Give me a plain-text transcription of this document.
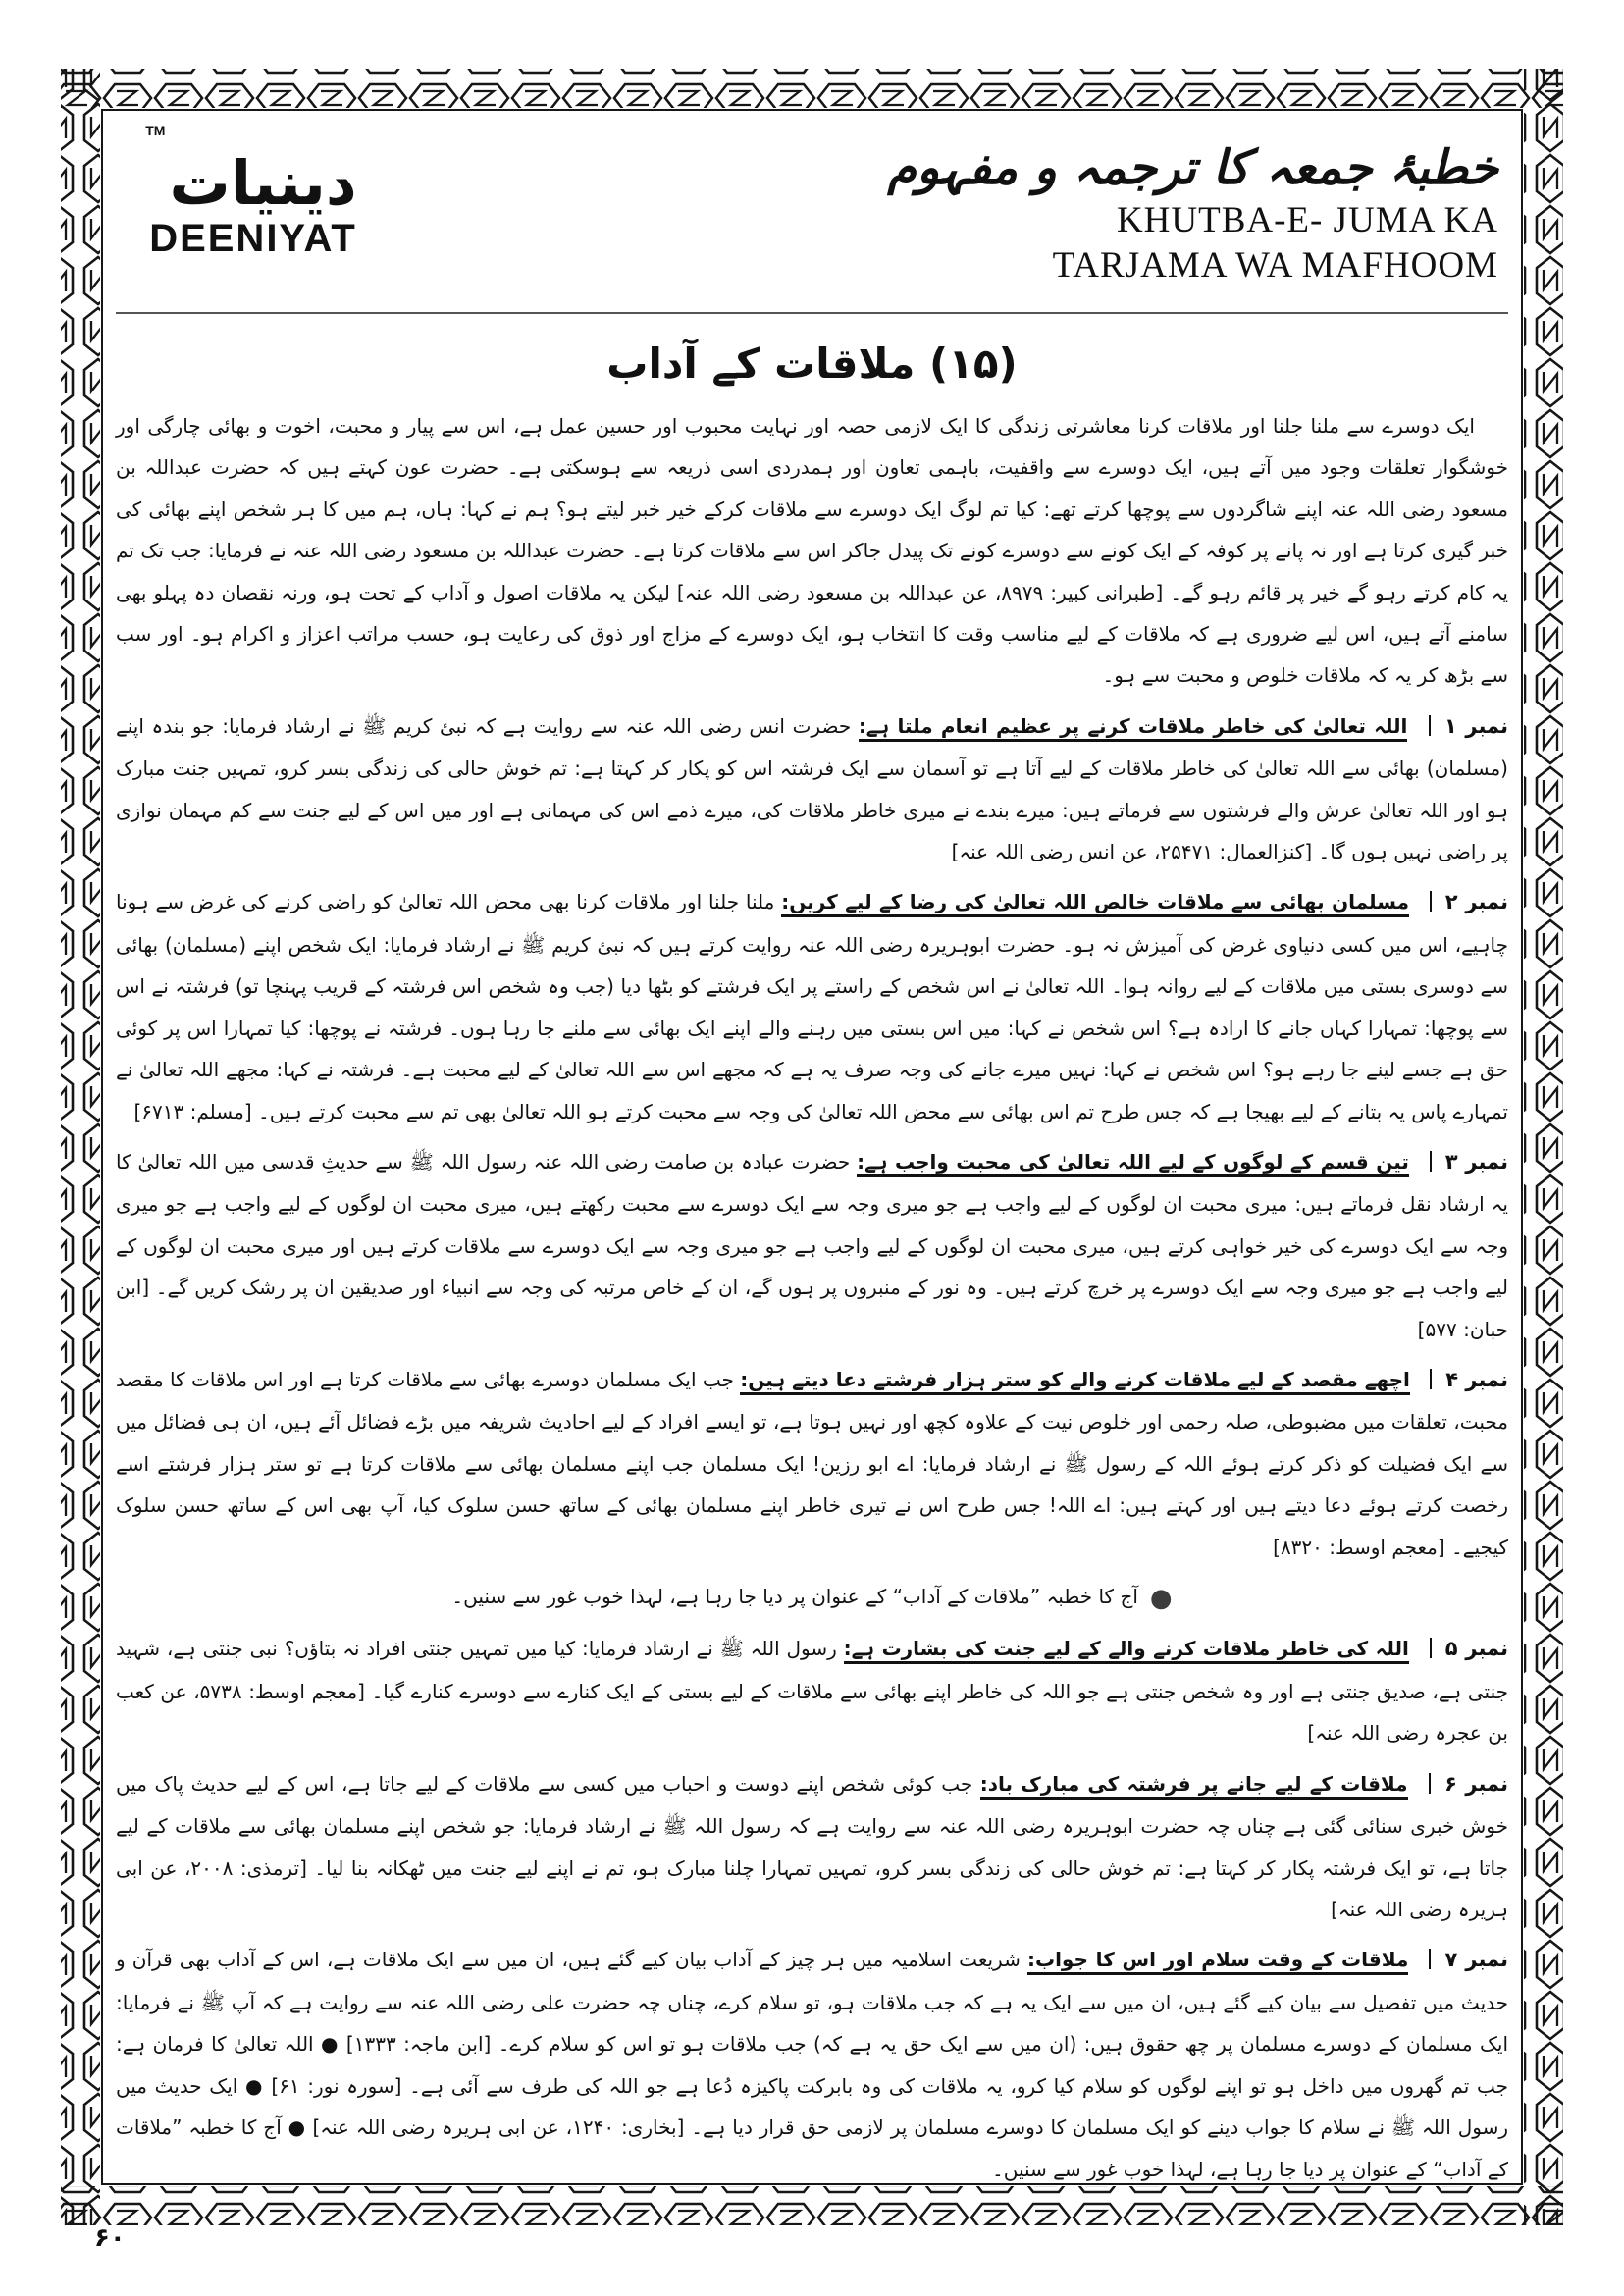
دینیات™
DEENIYAT
خطبۂ جمعہ کا ترجمہ و مفہوم
KHUTBA-E- JUMA KA
TARJAMA WA MAFHOOM
(۱۵) ملاقات کے آداب

ایک دوسرے سے ملنا جلنا اور ملاقات کرنا معاشرتی زندگی کا ایک لازمی حصہ اور نہایت محبوب اور حسین عمل ہے، اس سے پیار و محبت، اخوت و بھائی چارگی اور خوشگوار تعلقات وجود میں آتے ہیں، ایک دوسرے سے واقفیت، باہمی تعاون اور ہمدردی اسی ذریعہ سے ہوسکتی ہے۔ حضرت عون کہتے ہیں کہ حضرت عبداللہ بن مسعود رضی اللہ عنہ اپنے شاگردوں سے پوچھا کرتے تھے: کیا تم لوگ ایک دوسرے سے ملاقات کرکے خیر خبر لیتے ہو؟ ہم نے کہا: ہاں، ہم میں کا ہر شخص اپنے بھائی کی خبر گیری کرتا ہے اور نہ پانے پر کوفہ کے ایک کونے سے دوسرے کونے تک پیدل جاکر اس سے ملاقات کرتا ہے۔ حضرت عبداللہ بن مسعود رضی اللہ عنہ نے فرمایا: جب تک تم یہ کام کرتے رہو گے خیر پر قائم رہو گے۔ [طبرانی کبیر: ۸۹۷۹، عن عبداللہ بن مسعود رضی اللہ عنہ] لیکن یہ ملاقات اصول و آداب کے تحت ہو، ورنہ نقصان دہ پہلو بھی سامنے آتے ہیں، اس لیے ضروری ہے کہ ملاقات کے لیے مناسب وقت کا انتخاب ہو، ایک دوسرے کے مزاج اور ذوق کی رعایت ہو، حسب مراتب اعزاز و اکرام ہو۔ اور سب سے بڑھ کر یہ کہ ملاقات خلوص و محبت سے ہو۔

نمبر ۱ اللہ تعالیٰ کی خاطر ملاقات کرنے پر عظیم انعام ملتا ہے: حضرت انس رضی اللہ عنہ سے روایت ہے کہ نبئ کریم ﷺ نے ارشاد فرمایا: جو بندہ اپنے (مسلمان) بھائی سے اللہ تعالیٰ کی خاطر ملاقات کے لیے آتا ہے تو آسمان سے ایک فرشتہ اس کو پکار کر کہتا ہے: تم خوش حالی کی زندگی بسر کرو، تمہیں جنت مبارک ہو اور اللہ تعالیٰ عرش والے فرشتوں سے فرماتے ہیں: میرے بندے نے میری خاطر ملاقات کی، میرے ذمے اس کی مہمانی ہے اور میں اس کے لیے جنت سے کم مہمان نوازی پر راضی نہیں ہوں گا۔ [کنزالعمال: ۲۵۴۷۱، عن انس رضی اللہ عنہ]

نمبر ۲ مسلمان بھائی سے ملاقات خالص اللہ تعالیٰ کی رضا کے لیے کریں: ملنا جلنا اور ملاقات کرنا بھی محض اللہ تعالیٰ کو راضی کرنے کی غرض سے ہونا چاہیے، اس میں کسی دنیاوی غرض کی آمیزش نہ ہو۔ حضرت ابوہریرہ رضی اللہ عنہ روایت کرتے ہیں کہ نبئ کریم ﷺ نے ارشاد فرمایا: ایک شخص اپنے (مسلمان) بھائی سے دوسری بستی میں ملاقات کے لیے روانہ ہوا۔ اللہ تعالیٰ نے اس شخص کے راستے پر ایک فرشتے کو بٹھا دیا (جب وہ شخص اس فرشتہ کے قریب پہنچا تو) فرشتہ نے اس سے پوچھا: تمہارا کہاں جانے کا ارادہ ہے؟ اس شخص نے کہا: میں اس بستی میں رہنے والے اپنے ایک بھائی سے ملنے جا رہا ہوں۔ فرشتہ نے پوچھا: کیا تمہارا اس پر کوئی حق ہے جسے لینے جا رہے ہو؟ اس شخص نے کہا: نہیں میرے جانے کی وجہ صرف یہ ہے کہ مجھے اس سے اللہ تعالیٰ کے لیے محبت ہے۔ فرشتہ نے کہا: مجھے اللہ تعالیٰ نے تمہارے پاس یہ بتانے کے لیے بھیجا ہے کہ جس طرح تم اس بھائی سے محض اللہ تعالیٰ کی وجہ سے محبت کرتے ہو اللہ تعالیٰ بھی تم سے محبت کرتے ہیں۔ [مسلم: ۶۷۱۳]

نمبر ۳ تین قسم کے لوگوں کے لیے اللہ تعالیٰ کی محبت واجب ہے: حضرت عبادہ بن صامت رضی اللہ عنہ رسول اللہ ﷺ سے حدیثِ قدسی میں اللہ تعالیٰ کا یہ ارشاد نقل فرماتے ہیں: میری محبت ان لوگوں کے لیے واجب ہے جو میری وجہ سے ایک دوسرے سے محبت رکھتے ہیں، میری محبت ان لوگوں کے لیے واجب ہے جو میری وجہ سے ایک دوسرے کی خیر خواہی کرتے ہیں، میری محبت ان لوگوں کے لیے واجب ہے جو میری وجہ سے ایک دوسرے سے ملاقات کرتے ہیں اور میری محبت ان لوگوں کے لیے واجب ہے جو میری وجہ سے ایک دوسرے پر خرچ کرتے ہیں۔ وہ نور کے منبروں پر ہوں گے، ان کے خاص مرتبہ کی وجہ سے انبیاء اور صدیقین ان پر رشک کریں گے۔ [ابن حبان: ۵۷۷]

نمبر ۴ اچھے مقصد کے لیے ملاقات کرنے والے کو ستر ہزار فرشتے دعا دیتے ہیں: جب ایک مسلمان دوسرے بھائی سے ملاقات کرتا ہے اور اس ملاقات کا مقصد محبت، تعلقات میں مضبوطی، صلہ رحمی اور خلوص نیت کے علاوہ کچھ اور نہیں ہوتا ہے، تو ایسے افراد کے لیے احادیث شریفہ میں بڑے فضائل آئے ہیں، ان ہی فضائل میں سے ایک فضیلت کو ذکر کرتے ہوئے اللہ کے رسول ﷺ نے ارشاد فرمایا: اے ابو رزین! ایک مسلمان جب اپنے مسلمان بھائی سے ملاقات کرتا ہے تو ستر ہزار فرشتے اسے رخصت کرتے ہوئے دعا دیتے ہیں اور کہتے ہیں: اے اللہ! جس طرح اس نے تیری خاطر اپنے مسلمان بھائی کے ساتھ حسن سلوک کیا، آپ بھی اس کے ساتھ حسن سلوک کیجیے۔ [معجم اوسط: ۸۳۲۰]

●
آج کا خطبہ ”ملاقات کے آداب“ کے عنوان پر دیا جا رہا ہے، لہذا خوب غور سے سنیں۔

نمبر ۵ اللہ کی خاطر ملاقات کرنے والے کے لیے جنت کی بشارت ہے: رسول اللہ ﷺ نے ارشاد فرمایا: کیا میں تمہیں جنتی افراد نہ بتاؤں؟ نبی جنتی ہے، شہید جنتی ہے، صدیق جنتی ہے اور وہ شخص جنتی ہے جو اللہ کی خاطر اپنے بھائی سے ملاقات کے لیے بستی کے ایک کنارے سے دوسرے کنارے گیا۔ [معجم اوسط: ۵۷۳۸، عن کعب بن عجرہ رضی اللہ عنہ]

نمبر ۶ ملاقات کے لیے جانے پر فرشتہ کی مبارک باد: جب کوئی شخص اپنے دوست و احباب میں کسی سے ملاقات کے لیے جاتا ہے، اس کے لیے حدیث پاک میں خوش خبری سنائی گئی ہے چناں چہ حضرت ابوہریرہ رضی اللہ عنہ سے روایت ہے کہ رسول اللہ ﷺ نے ارشاد فرمایا: جو شخص اپنے مسلمان بھائی سے ملاقات کے لیے جاتا ہے، تو ایک فرشتہ پکار کر کہتا ہے: تم خوش حالی کی زندگی بسر کرو، تمہیں تمہارا چلنا مبارک ہو، تم نے اپنے لیے جنت میں ٹھکانہ بنا لیا۔ [ترمذی: ۲۰۰۸، عن ابی ہریرہ رضی اللہ عنہ]

نمبر ۷ ملاقات کے وقت سلام اور اس کا جواب: شریعت اسلامیہ میں ہر چیز کے آداب بیان کیے گئے ہیں، ان میں سے ایک ملاقات ہے، اس کے آداب بھی قرآن و حدیث میں تفصیل سے بیان کیے گئے ہیں، ان میں سے ایک یہ ہے کہ جب ملاقات ہو، تو سلام کرے، چناں چہ حضرت علی رضی اللہ عنہ سے روایت ہے کہ آپ ﷺ نے فرمایا: ایک مسلمان کے دوسرے مسلمان پر چھ حقوق ہیں: (ان میں سے ایک حق یہ ہے کہ) جب ملاقات ہو تو اس کو سلام کرے۔ [ابن ماجہ: ۱۳۳۳] ● اللہ تعالیٰ کا فرمان ہے: جب تم گھروں میں داخل ہو تو اپنے لوگوں کو سلام کیا کرو، یہ ملاقات کی وہ بابرکت پاکیزہ دُعا ہے جو اللہ کی طرف سے آئی ہے۔ [سورہ نور: ۶۱] ● ایک حدیث میں رسول اللہ ﷺ نے سلام کا جواب دینے کو ایک مسلمان کا دوسرے مسلمان پر لازمی حق قرار دیا ہے۔ [بخاری: ۱۲۴۰، عن ابی ہریرہ رضی اللہ عنہ] ● آج کا خطبہ ”ملاقات کے آداب“ کے عنوان پر دیا جا رہا ہے، لہذا خوب غور سے سنیں۔

۶۰
